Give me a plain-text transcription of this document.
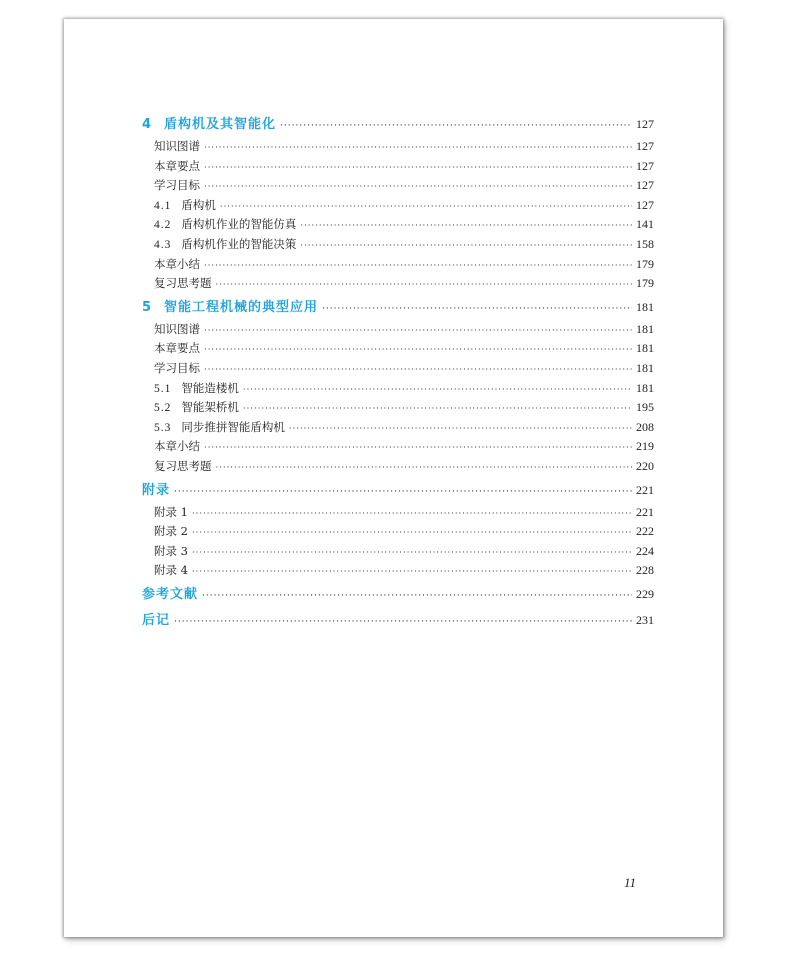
4 盾构机及其智能化 ·····	127
知识图谱 ·····	127
本章要点 ·····	127
学习目标 ·····	127
4.1 盾构机 ·····	127
4.2 盾构机作业的智能仿真 ·····	141
4.3 盾构机作业的智能决策 ·····	158
本章小结 ·····	179
复习思考题 ·····	179
5 智能工程机械的典型应用 ·····	181
知识图谱 ·····	181
本章要点 ·····	181
学习目标 ·····	181
5.1 智能造楼机 ·····	181
5.2 智能架桥机 ·····	195
5.3 同步推拼智能盾构机 ·····	208
本章小结 ·····	219
复习思考题 ·····	220
附录 ·····	221
附录 1 ·····	221
附录 2 ·····	222
附录 3 ·····	224
附录 4 ·····	228
参考文献 ·····	229
后记 ·····	231
11
